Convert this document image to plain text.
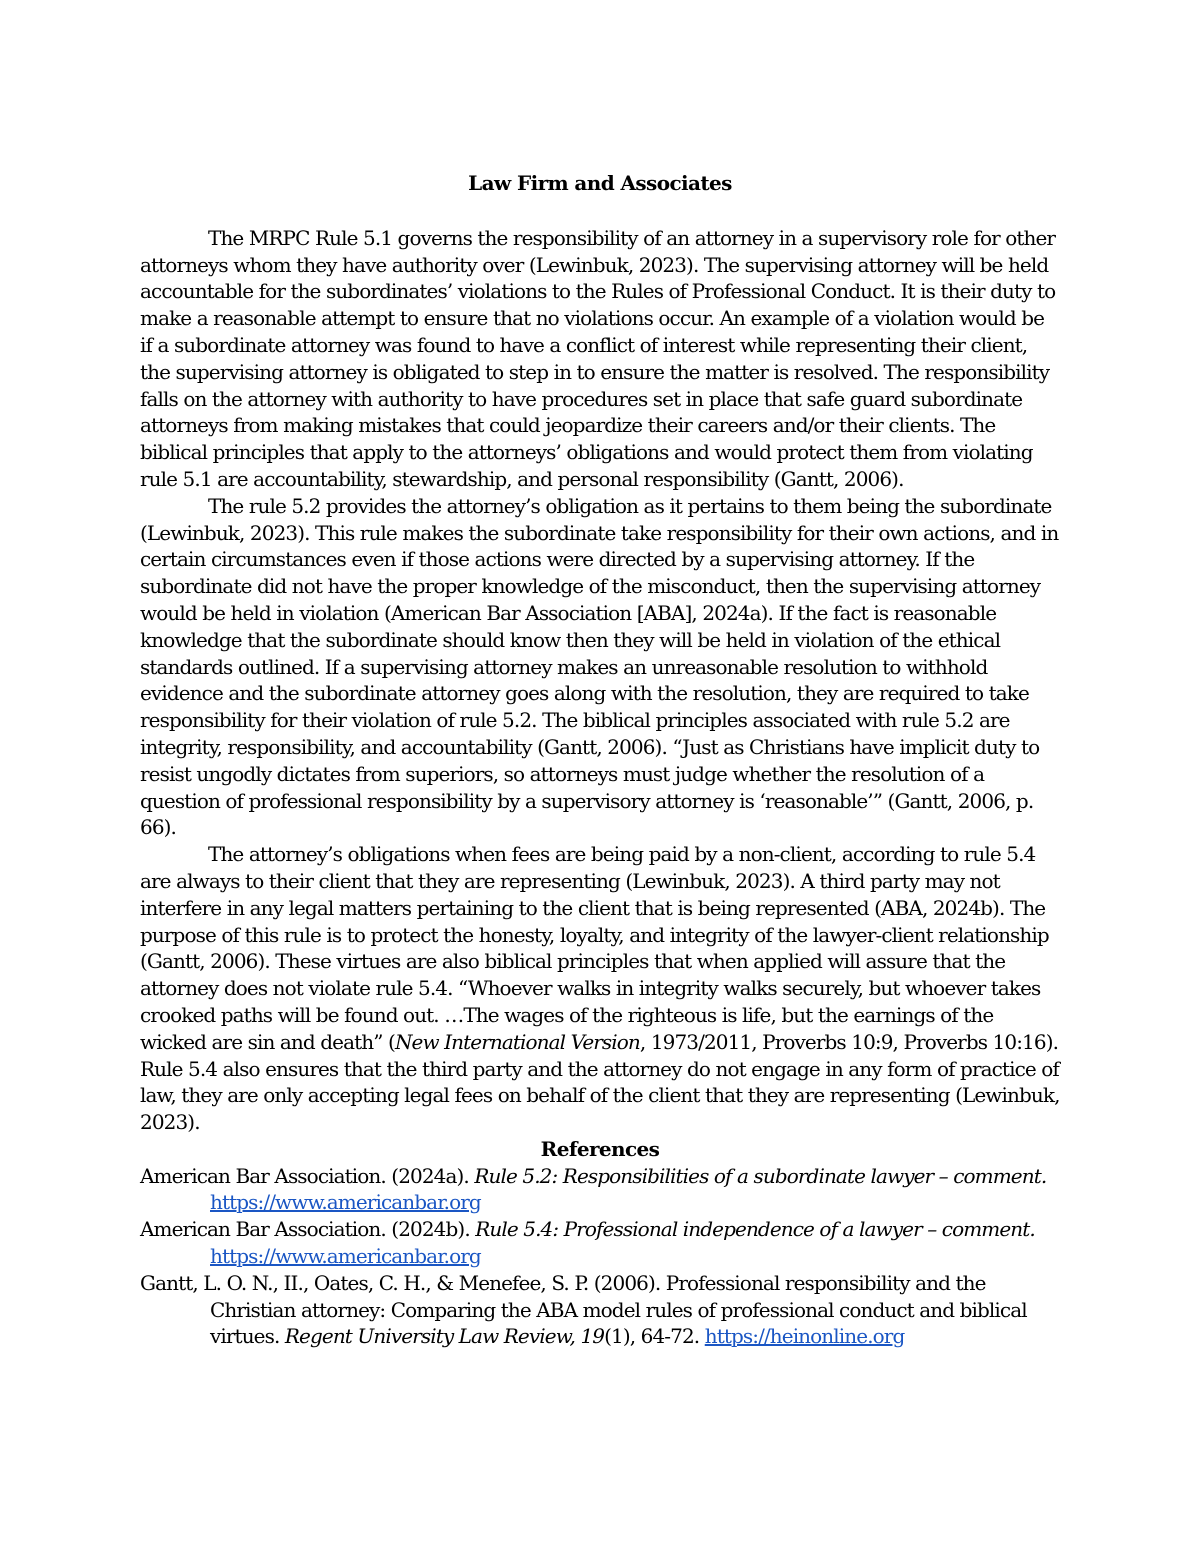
Law Firm and Associates

The MRPC Rule 5.1 governs the responsibility of an attorney in a supervisory role for other attorneys whom they have authority over (Lewinbuk, 2023). The supervising attorney will be held accountable for the subordinates’ violations to the Rules of Professional Conduct. It is their duty to make a reasonable attempt to ensure that no violations occur. An example of a violation would be if a subordinate attorney was found to have a conflict of interest while representing their client, the supervising attorney is obligated to step in to ensure the matter is resolved. The responsibility falls on the attorney with authority to have procedures set in place that safe guard subordinate attorneys from making mistakes that could jeopardize their careers and/or their clients. The biblical principles that apply to the attorneys’ obligations and would protect them from violating rule 5.1 are accountability, stewardship, and personal responsibility (Gantt, 2006).

The rule 5.2 provides the attorney’s obligation as it pertains to them being the subordinate (Lewinbuk, 2023). This rule makes the subordinate take responsibility for their own actions, and in certain circumstances even if those actions were directed by a supervising attorney. If the subordinate did not have the proper knowledge of the misconduct, then the supervising attorney would be held in violation (American Bar Association [ABA], 2024a). If the fact is reasonable knowledge that the subordinate should know then they will be held in violation of the ethical standards outlined. If a supervising attorney makes an unreasonable resolution to withhold evidence and the subordinate attorney goes along with the resolution, they are required to take responsibility for their violation of rule 5.2. The biblical principles associated with rule 5.2 are integrity, responsibility, and accountability (Gantt, 2006). “Just as Christians have implicit duty to resist ungodly dictates from superiors, so attorneys must judge whether the resolution of a question of professional responsibility by a supervisory attorney is ‘reasonable’” (Gantt, 2006, p. 66).

The attorney’s obligations when fees are being paid by a non-client, according to rule 5.4 are always to their client that they are representing (Lewinbuk, 2023). A third party may not interfere in any legal matters pertaining to the client that is being represented (ABA, 2024b). The purpose of this rule is to protect the honesty, loyalty, and integrity of the lawyer-client relationship (Gantt, 2006). These virtues are also biblical principles that when applied will assure that the attorney does not violate rule 5.4. “Whoever walks in integrity walks securely, but whoever takes crooked paths will be found out. …The wages of the righteous is life, but the earnings of the wicked are sin and death” (New International Version, 1973/2011, Proverbs 10:9, Proverbs 10:16). Rule 5.4 also ensures that the third party and the attorney do not engage in any form of practice of law, they are only accepting legal fees on behalf of the client that they are representing (Lewinbuk, 2023).

References

American Bar Association. (2024a). Rule 5.2: Responsibilities of a subordinate lawyer – comment. https://www.americanbar.org

American Bar Association. (2024b). Rule 5.4: Professional independence of a lawyer – comment. https://www.americanbar.org

Gantt, L. O. N., II., Oates, C. H., & Menefee, S. P. (2006). Professional responsibility and the Christian attorney: Comparing the ABA model rules of professional conduct and biblical virtues. Regent University Law Review, 19(1), 64-72. https://heinonline.org
